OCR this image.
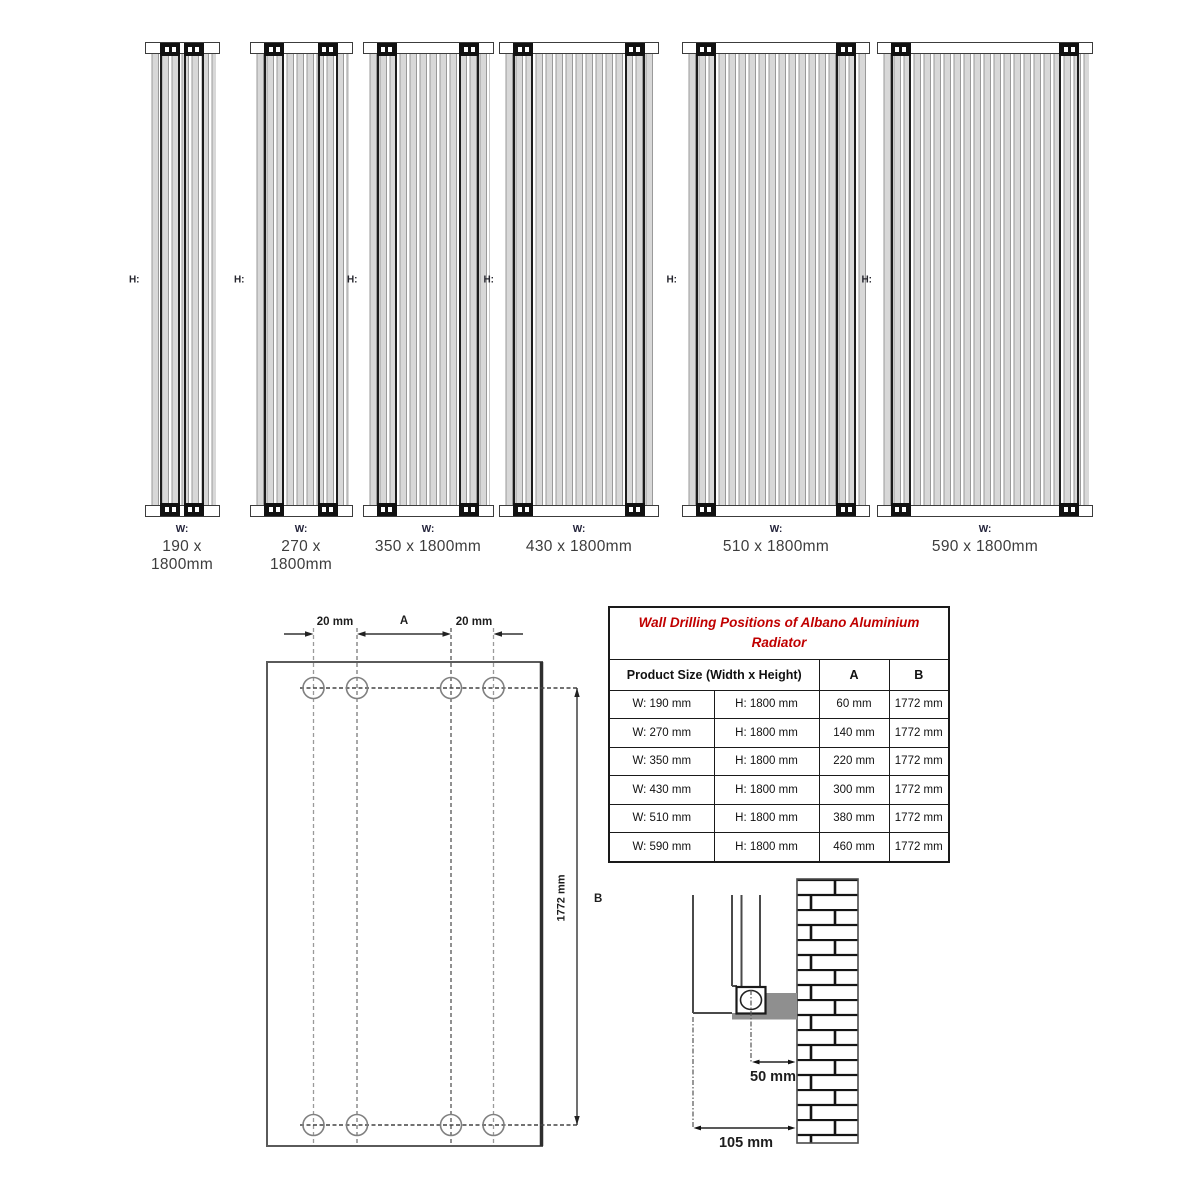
H:
W:
190 x 1800mm
H:
W:
270 x 1800mm
H:
W:
350 x 1800mm
H:
W:
430 x 1800mm
H:
W:
510 x 1800mm
H:
W:
590 x 1800mm
20 mm	A	20 mm
1772 mm B
Wall Drilling Positions of Albano Aluminium Radiator			
Product Size (Width x Height)		A	B
W: 190 mm	H: 1800 mm	60 mm	1772 mm
W: 270 mm	H: 1800 mm	140 mm	1772 mm
W: 350 mm	H: 1800 mm	220 mm	1772 mm
W: 430 mm	H: 1800 mm	300 mm	1772 mm
W: 510 mm	H: 1800 mm	380 mm	1772 mm
W: 590 mm	H: 1800 mm	460 mm	1772 mm
50 mm
105 mm
